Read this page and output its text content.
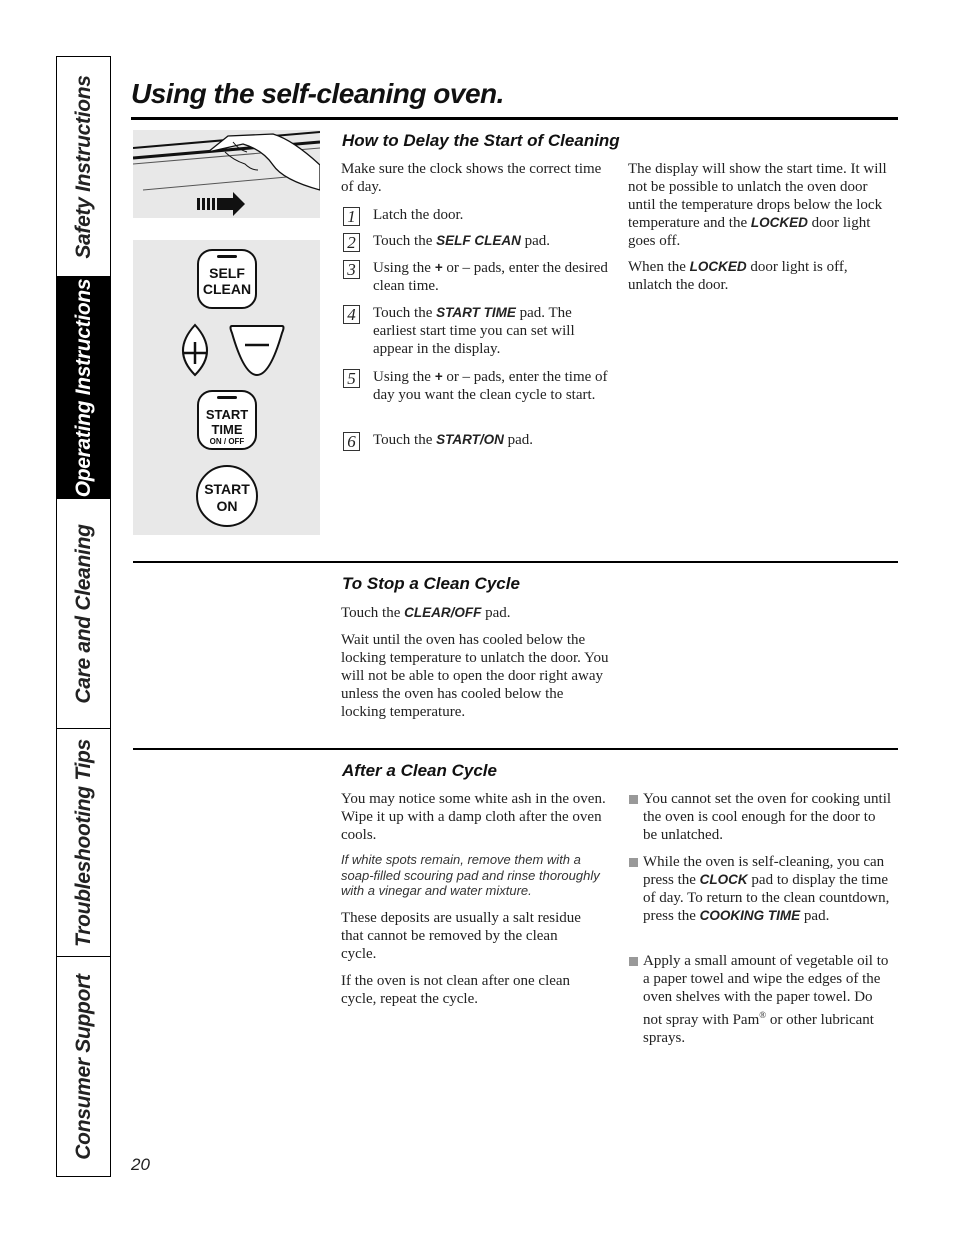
Safety Instructions
Operating Instructions
Care and Cleaning
Troubleshooting Tips
Consumer Support
Using the self-cleaning oven.
SELF
CLEAN
START
TIME
ON / OFF
START
ON
How to Delay the Start of Cleaning

Make sure the clock shows the correct time of day.

1 Latch the door.
2 Touch the SELF CLEAN pad.
3 Using the + or – pads, enter the desired clean time.
4 Touch the START TIME pad. The earliest start time you can set will appear in the display.
5 Using the + or – pads, enter the time of day you want the clean cycle to start.
6 Touch the START/ON pad.

The display will show the start time. It will not be possible to unlatch the oven door until the temperature drops below the lock temperature and the LOCKED door light goes off.

When the LOCKED door light is off, unlatch the door.

To Stop a Clean Cycle

Touch the CLEAR/OFF pad.

Wait until the oven has cooled below the locking temperature to unlatch the door. You will not be able to open the door right away unless the oven has cooled below the locking temperature.

After a Clean Cycle

You may notice some white ash in the oven. Wipe it up with a damp cloth after the oven cools.

If white spots remain, remove them with a soap-filled scouring pad and rinse thoroughly with a vinegar and water mixture.

These deposits are usually a salt residue that cannot be removed by the clean cycle.

If the oven is not clean after one clean cycle, repeat the cycle.

You cannot set the oven for cooking until the oven is cool enough for the door to be unlatched.
While the oven is self-cleaning, you can press the CLOCK pad to display the time of day. To return to the clean countdown, press the COOKING TIME pad.
Apply a small amount of vegetable oil to a paper towel and wipe the edges of the oven shelves with the paper towel. Do not spray with Pam® or other lubricant sprays.
20
